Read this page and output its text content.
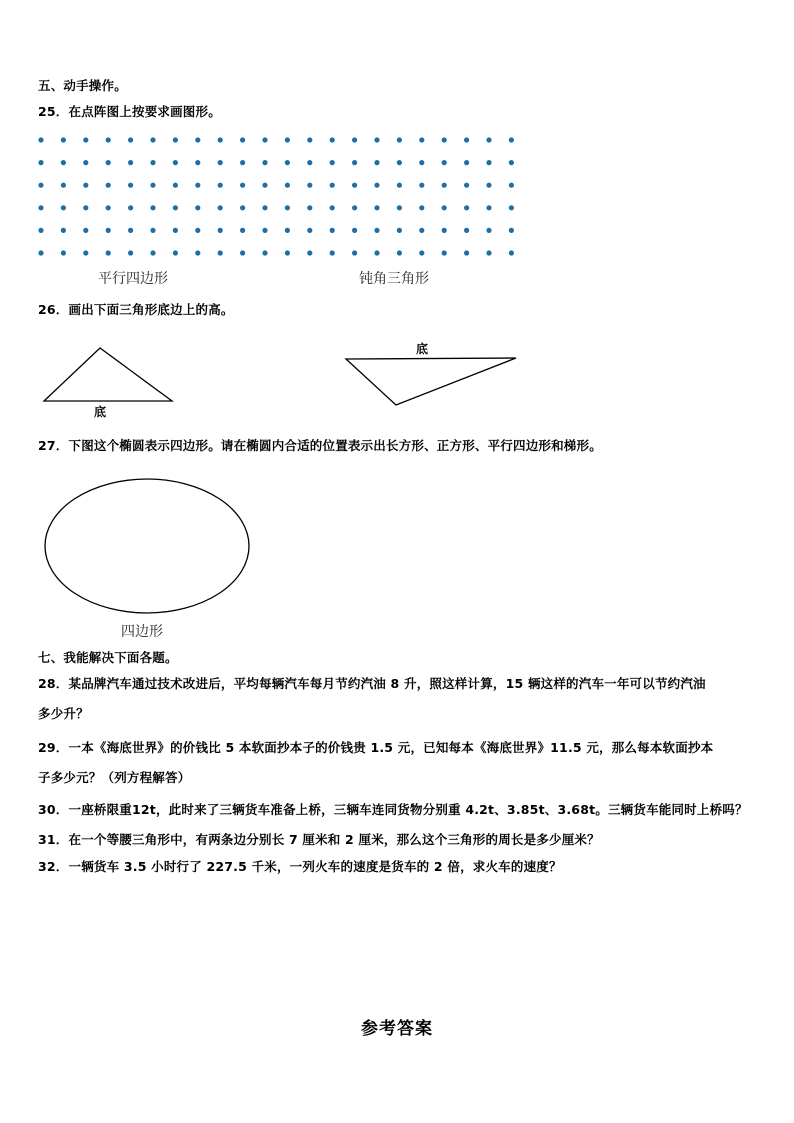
五、动手操作。
25．在点阵图上按要求画图形。
平行四边形	钝角三角形
26．画出下面三角形底边上的高。
底
底
27．下图这个椭圆表示四边形。请在椭圆内合适的位置表示出长方形、正方形、平行四边形和梯形。
四边形
七、我能解决下面各题。
28．某品牌汽车通过技术改进后，平均每辆汽车每月节约汽油 8 升，照这样计算，15 辆这样的汽车一年可以节约汽油
多少升？
29．一本《海底世界》的价钱比 5 本软面抄本子的价钱贵 1.5 元，已知每本《海底世界》11.5 元，那么每本软面抄本
子多少元？（列方程解答）
30．一座桥限重12t，此时来了三辆货车准备上桥，三辆车连同货物分别重 4.2t、3.85t、3.68t。三辆货车能同时上桥吗？
31．在一个等腰三角形中，有两条边分别长 7 厘米和 2 厘米，那么这个三角形的周长是多少厘米？
32．一辆货车 3.5 小时行了 227.5 千米，一列火车的速度是货车的 2 倍，求火车的速度？
参考答案
